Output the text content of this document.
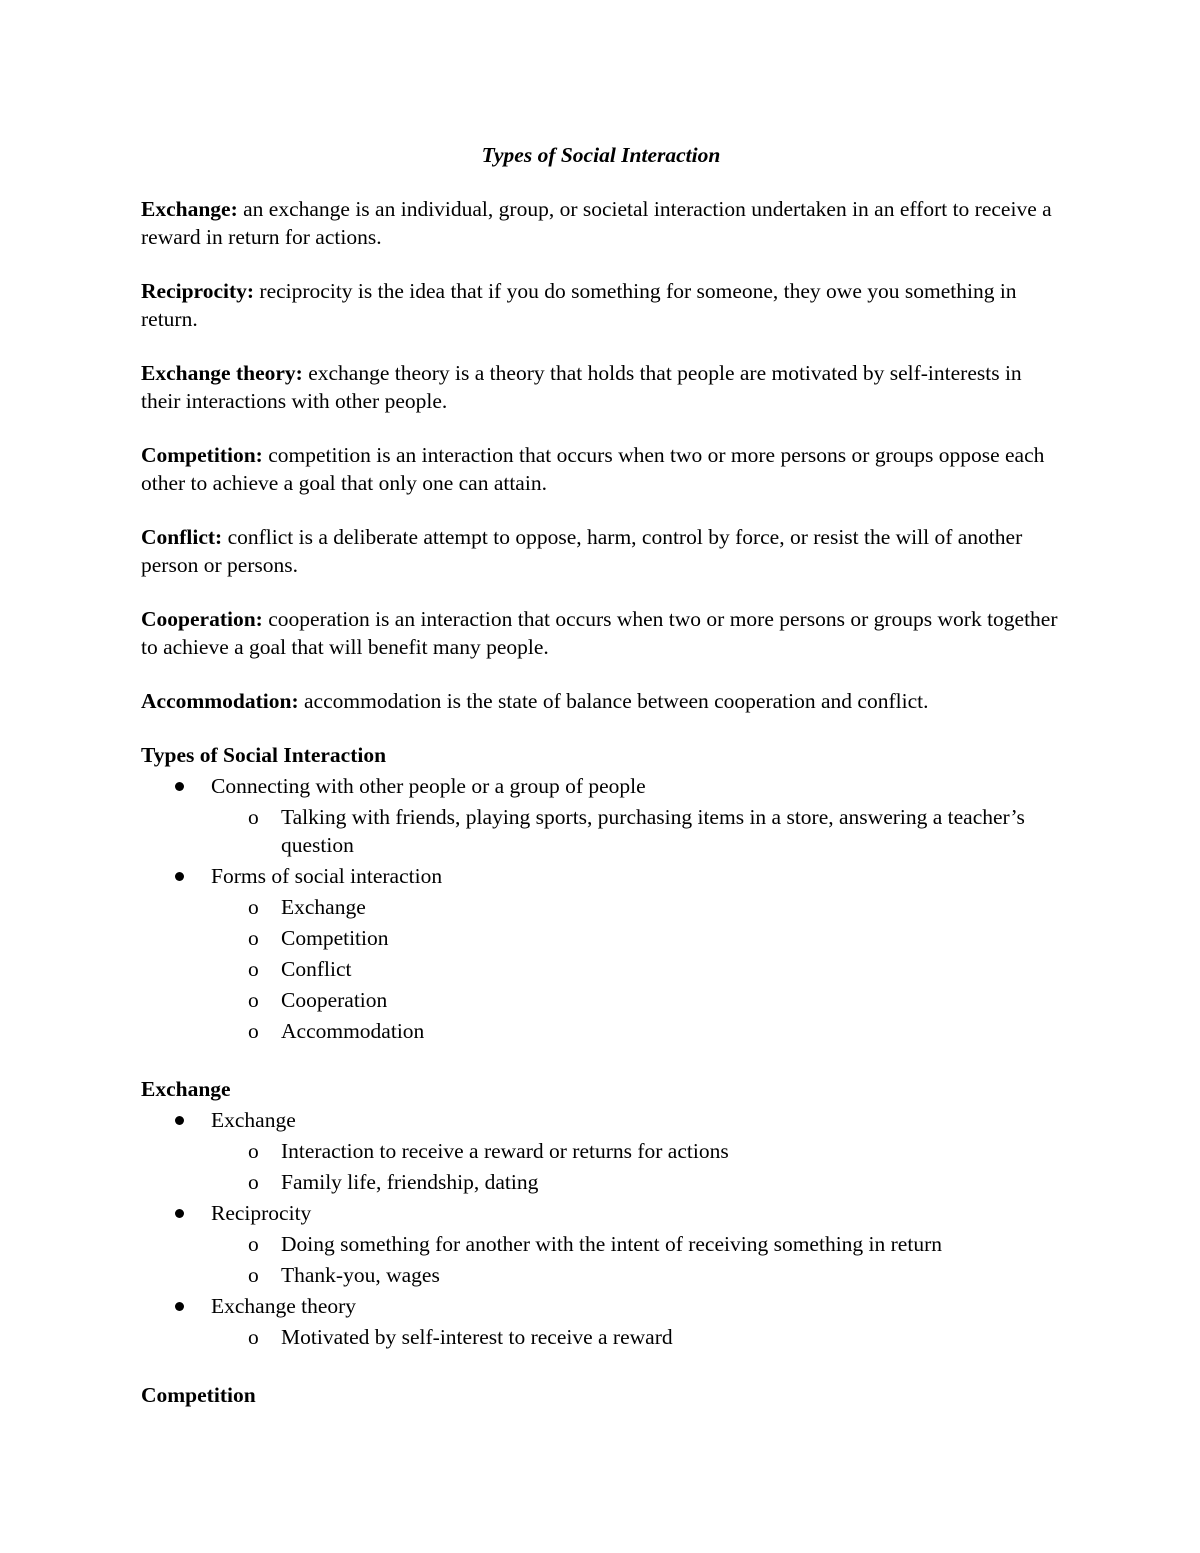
Types of Social Interaction

Exchange: an exchange is an individual, group, or societal interaction undertaken in an effort to receive a reward in return for actions.

Reciprocity: reciprocity is the idea that if you do something for someone, they owe you something in return.

Exchange theory: exchange theory is a theory that holds that people are motivated by self-interests in their interactions with other people.

Competition: competition is an interaction that occurs when two or more persons or groups oppose each other to achieve a goal that only one can attain.

Conflict: conflict is a deliberate attempt to oppose, harm, control by force, or resist the will of another person or persons.

Cooperation: cooperation is an interaction that occurs when two or more persons or groups work together to achieve a goal that will benefit many people.

Accommodation: accommodation is the state of balance between cooperation and conflict.

Types of Social Interaction
Connecting with other people or a group of people
o Talking with friends, playing sports, purchasing items in a store, answering a teacher’s question
Forms of social interaction
o Exchange
o Competition
o Conflict
o Cooperation
o Accommodation
Exchange
Exchange
o Interaction to receive a reward or returns for actions
o Family life, friendship, dating
Reciprocity
o Doing something for another with the intent of receiving something in return
o Thank-you, wages
Exchange theory
o Motivated by self-interest to receive a reward
Competition
